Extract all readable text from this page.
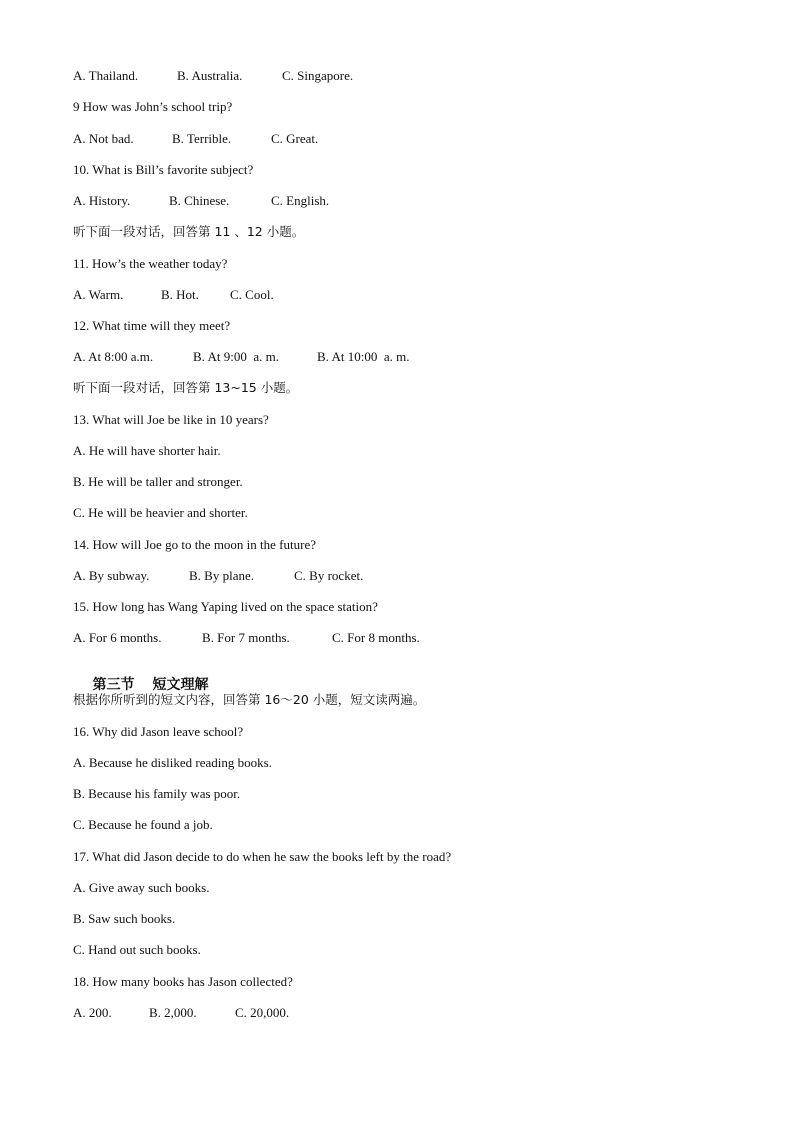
A. Thailand.

	B. Australia.

	C. Singapore.

9 How was John’s school trip?

A. Not bad.

	B. Terrible.

	C. Great.

10. What is Bill’s favorite subject?

A. History.

	B. Chinese.

	C. English.

听下面一段对话，回答第 11 、12 小题。
11. How’s the weather today?

A. Warm.

	B. Hot.

C. Cool.

12. What time will they meet?

A. At 8:00 a.m.

	B. At 9:00  a. m.

	B. At 10:00  a. m.

听下面一段对话，回答第 13~15 小题。
13. What will Joe be like in 10 years?
A. He will have shorter hair.
B. He will be taller and stronger.
C. He will be heavier and shorter.
14. How will Joe go to the moon in the future?

A. By subway.

	B. By plane.

	C. By rocket.

15. How long has Wang Yaping lived on the space station?

A. For 6 months.

	B. For 7 months.

	C. For 8 months.

第三节 短文理解

根据你所听到的短文内容，回答第 16～20 小题，短文读两遍。
16. Why did Jason leave school?
A. Because he disliked reading books.
B. Because his family was poor.
C. Because he found a job.
17. What did Jason decide to do when he saw the books left by the road?
A. Give away such books.
B. Saw such books.
C. Hand out such books.
18. How many books has Jason collected?

A. 200.

	B. 2,000.

	C. 20,000.
